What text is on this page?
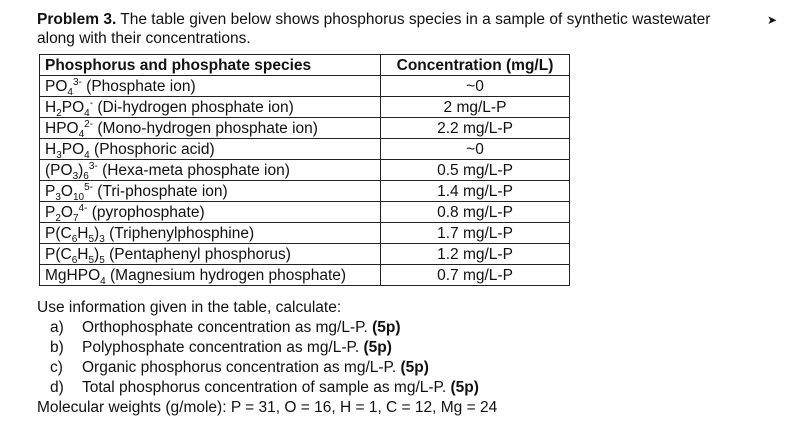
Problem 3. The table given below shows phosphorus species in a sample of synthetic wastewater along with their concentrations.
➤
Phosphorus and phosphate species	Concentration (mg/L)
$PO_4^{3-}$ (Phosphate ion)	~0
$H_2PO_4^-$ (Di-hydrogen phosphate ion)	2 mg/L-P
$HPO_4^{2-}$ (Mono-hydrogen phosphate ion)	2.2 mg/L-P
$H_3PO_4$ (Phosphoric acid)	~0
$(PO_3)_6^{3-}$ (Hexa-meta phosphate ion)	0.5 mg/L-P
$P_3O_{10}^{5-}$ (Tri-phosphate ion)	1.4 mg/L-P
$P_2O_7^{4-}$ (pyrophosphate)	0.8 mg/L-P
$P(C_6H_5)_3$ (Triphenylphosphine)	1.7 mg/L-P
$P(C_6H_5)_5$ (Pentaphenyl phosphorus)	1.2 mg/L-P
MgHPO$_4$ (Magnesium hydrogen phosphate)	0.7 mg/L-P
Use information given in the table, calculate:
a) Orthophosphate concentration as mg/L-P. (5p)
b) Polyphosphate concentration as mg/L-P. (5p)
c) Organic phosphorus concentration as mg/L-P. (5p)
d) Total phosphorus concentration of sample as mg/L-P. (5p)
Molecular weights (g/mole): P = 31, O = 16, H = 1, C = 12, Mg = 24
